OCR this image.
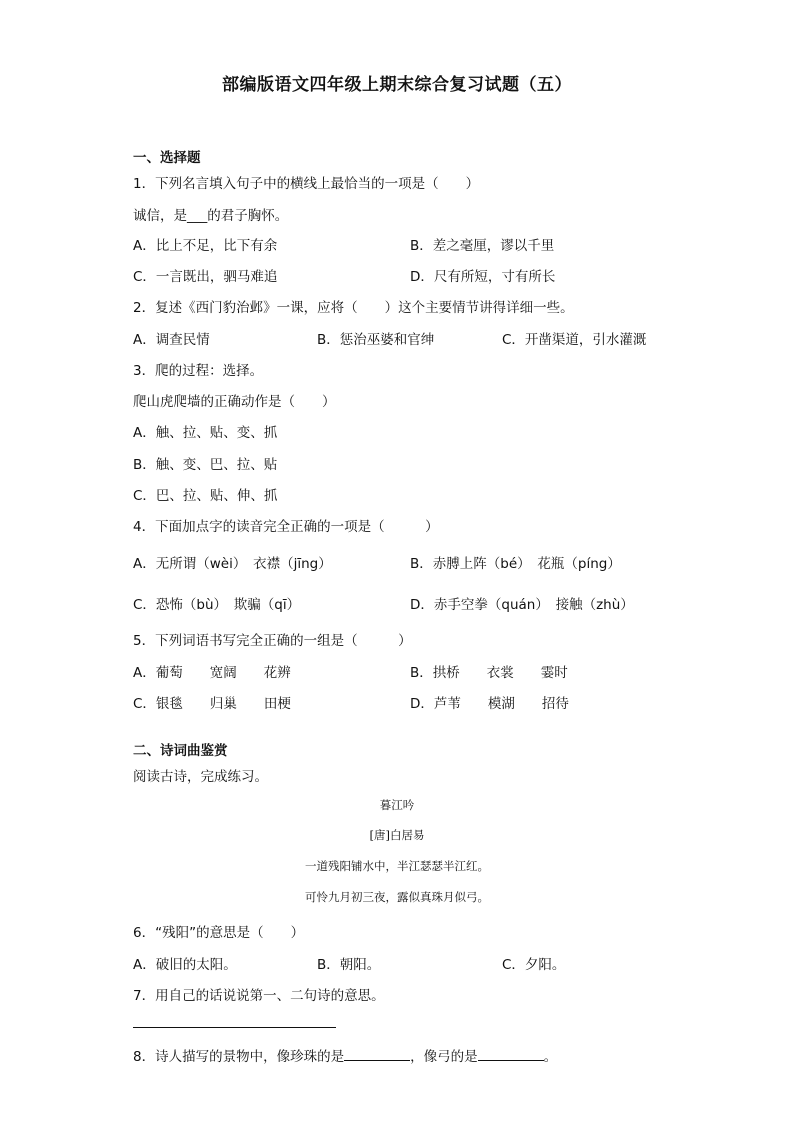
部编版语文四年级上期末综合复习试题（五）
一、选择题
1．下列名言填入句子中的横线上最恰当的一项是（　　）
诚信，是___的君子胸怀。
A．比上不足，比下有余	B．差之毫厘，谬以千里
C．一言既出，驷马难追	D．尺有所短，寸有所长
2．复述《西门豹治邺》一课，应将（　　）这个主要情节讲得详细一些。
A．调查民情	B．惩治巫婆和官绅	C．开凿渠道，引水灌溉
3．爬的过程：选择。
爬山虎爬墙的正确动作是（　　）
A．触、拉、贴、变、抓
B．触、变、巴、拉、贴
C．巴、拉、贴、伸、抓
4．下面加点字的读音完全正确的一项是（　　　）
A．无所谓（wèi）　衣襟（jīng）	B．赤膊上阵（bé）　花瓶（píng）
C．恐怖（bù）　欺骗（qī）	D．赤手空拳（quán）　接触（zhù）
5．下列词语书写完全正确的一组是（　　　）
A．葡萄　　宽阔　　花辨	B．拱桥　　衣裳　　霎时
C．银毯　　归巢　　田梗	D．芦苇　　模湖　　招待
二、诗词曲鉴赏
阅读古诗，完成练习。
暮江吟
[唐]白居易
一道残阳铺水中，半江瑟瑟半江红。
可怜九月初三夜，露似真珠月似弓。
6．“残阳”的意思是（　　）
A．破旧的太阳。	B．朝阳。	C．夕阳。
7．用自己的话说说第一、二句诗的意思。
8．诗人描写的景物中，像珍珠的是	，像弓的是	。
